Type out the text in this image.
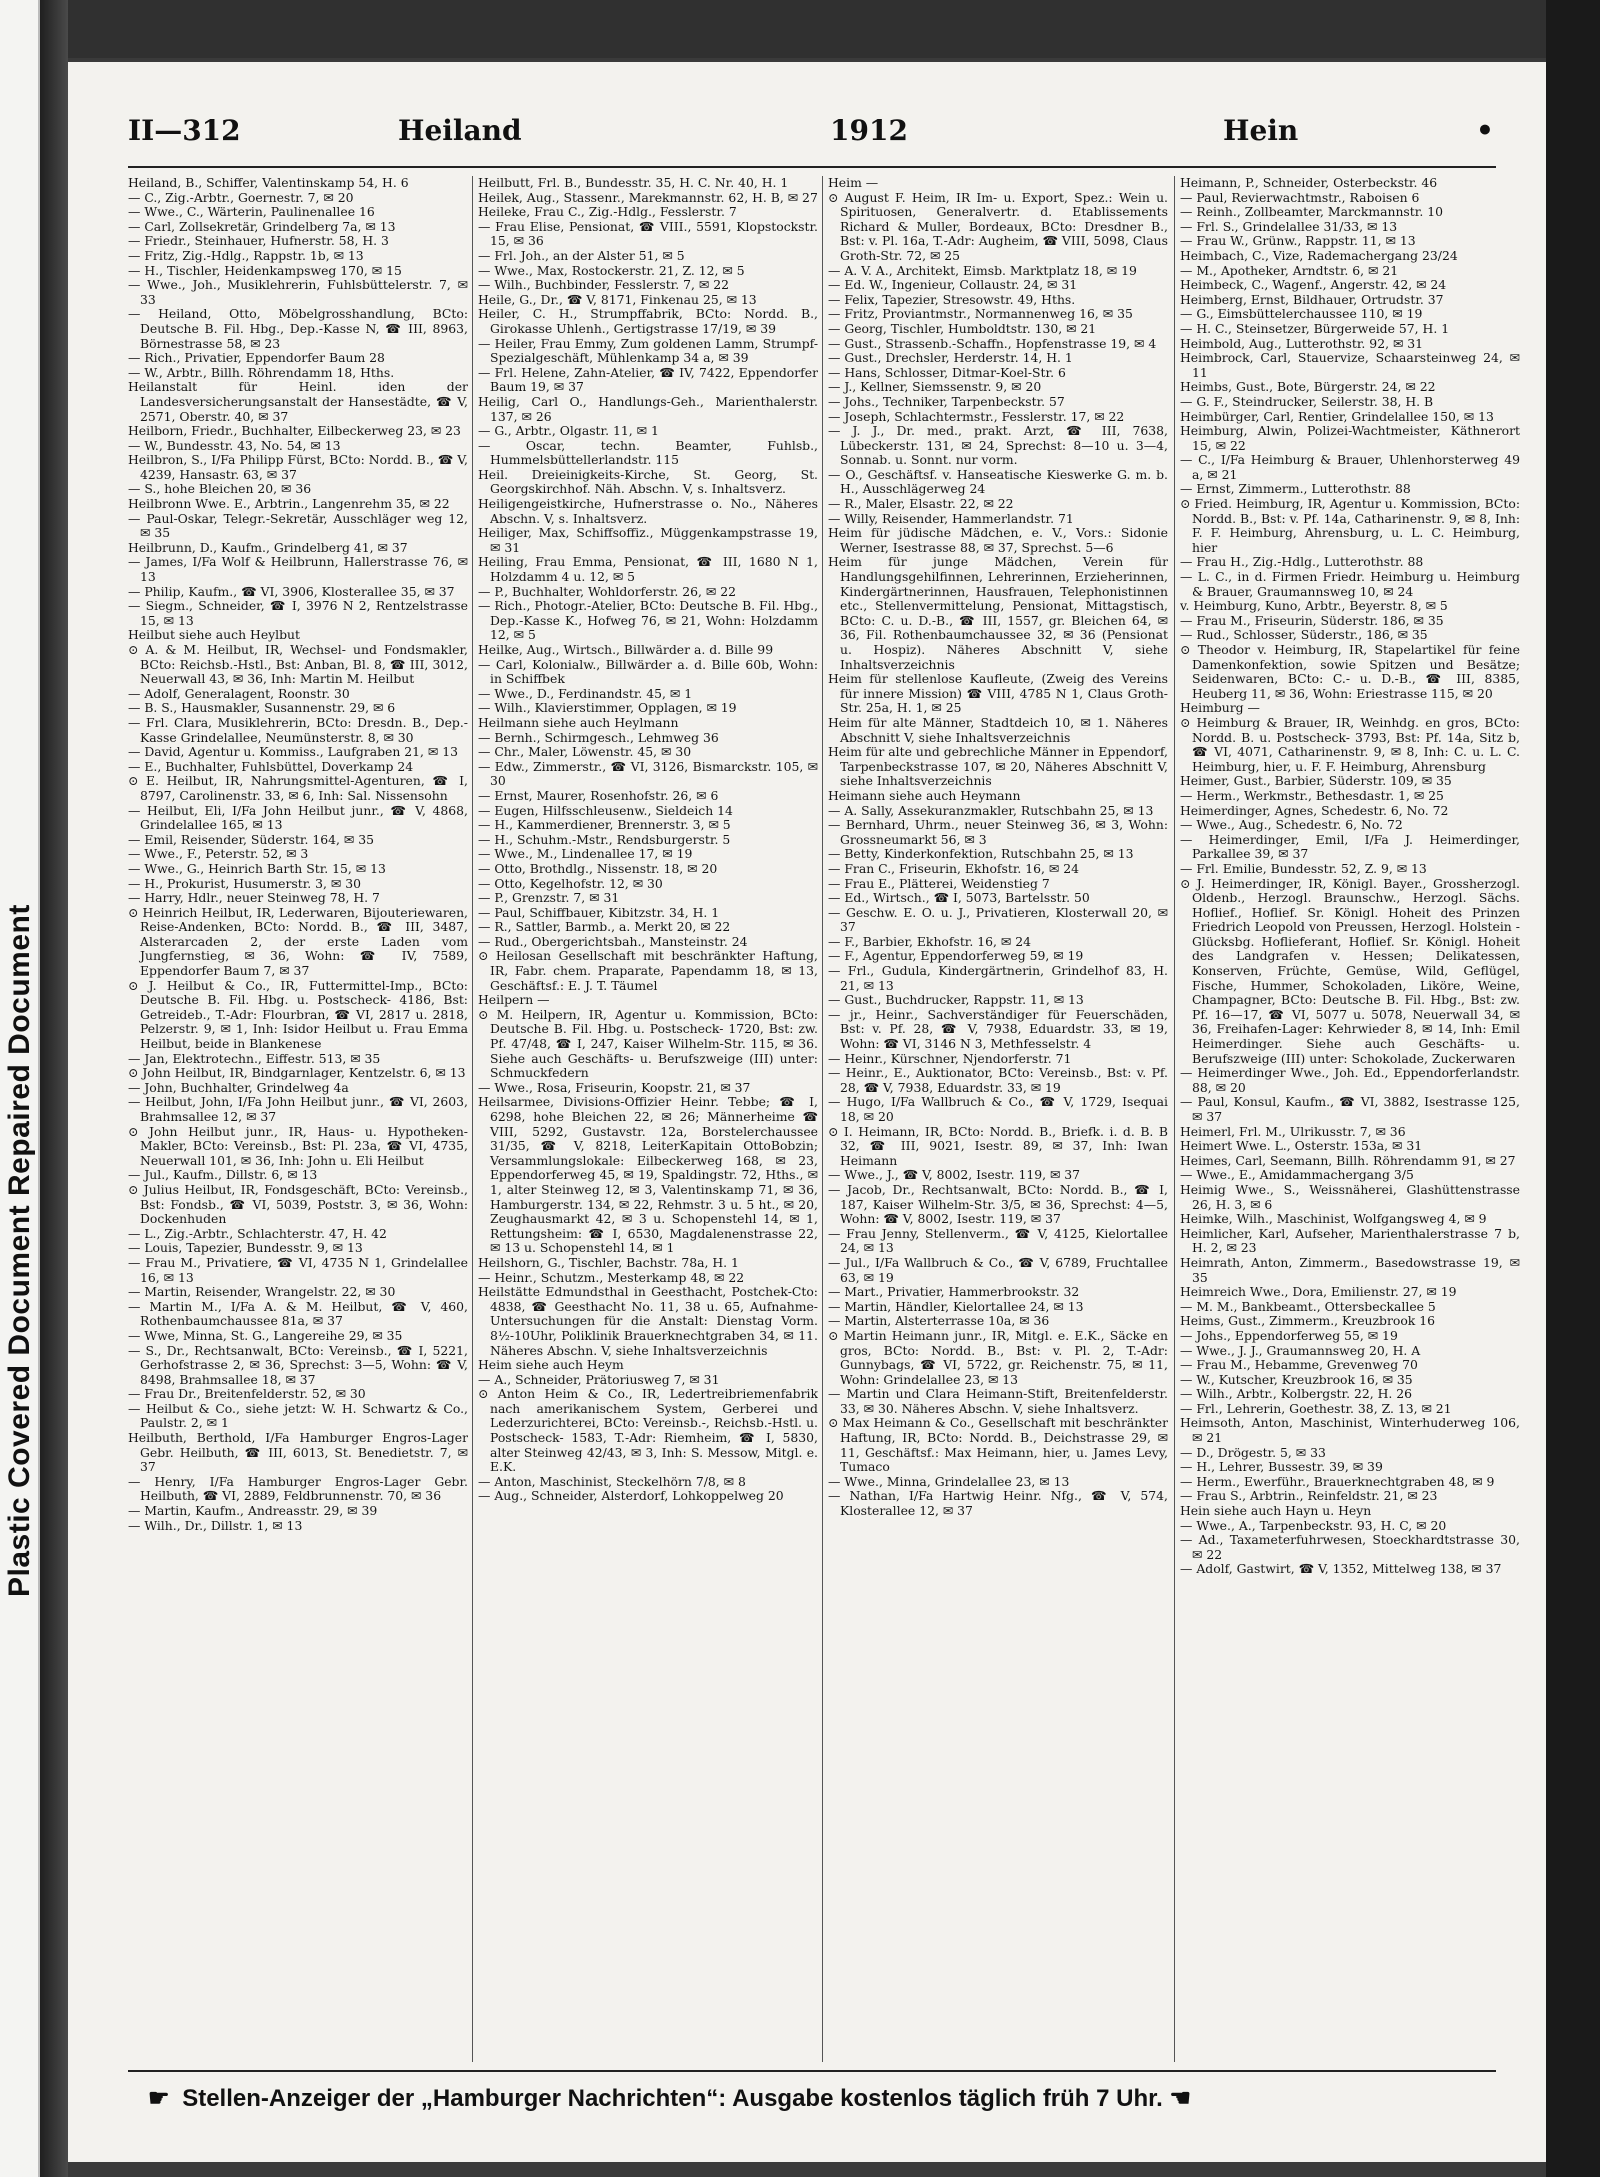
Plastic Covered Document Repaired Document
II—312	Heiland	1912	Hein	•

Heiland, B., Schiffer, Valentinskamp 54, H. 6

— C., Zig.-Arbtr., Goernestr. 7, ✉ 20

— Wwe., C., Wärterin, Paulinenallee 16

— Carl, Zollsekretär, Grindelberg 7a, ✉ 13

— Friedr., Steinhauer, Hufnerstr. 58, H. 3

— Fritz, Zig.-Hdlg., Rappstr. 1b, ✉ 13

— H., Tischler, Heidenkampsweg 170, ✉ 15

— Wwe., Joh., Musiklehrerin, Fuhlsbüttelerstr. 7, ✉ 33

— Heiland, Otto, Möbelgrosshandlung, BCto: Deutsche B. Fil. Hbg., Dep.-Kasse N, ☎ III, 8963, Börnestrasse 58, ✉ 23

— Rich., Privatier, Eppendorfer Baum 28

— W., Arbtr., Billh. Röhrendamm 18, Hths.

Heilanstalt für Heinl. iden der Landesversicherungsanstalt der Hansestädte, ☎ V, 2571, Oberstr. 40, ✉ 37

Heilborn, Friedr., Buchhalter, Eilbeckerweg 23, ✉ 23

— W., Bundesstr. 43, No. 54, ✉ 13

Heilbron, S., I/Fa Philipp Fürst, BCto: Nordd. B., ☎ V, 4239, Hansastr. 63, ✉ 37

— S., hohe Bleichen 20, ✉ 36

Heilbronn Wwe. E., Arbtrin., Langenrehm 35, ✉ 22

— Paul-Oskar, Telegr.-Sekretär, Ausschläger weg 12, ✉ 35

Heilbrunn, D., Kaufm., Grindelberg 41, ✉ 37

— James, I/Fa Wolf & Heilbrunn, Hallerstrasse 76, ✉ 13

— Philip, Kaufm., ☎ VI, 3906, Klosterallee 35, ✉ 37

— Siegm., Schneider, ☎ I, 3976 N 2, Rentzelstrasse 15, ✉ 13

Heilbut siehe auch Heylbut

⊙ A. & M. Heilbut, IR, Wechsel- und Fondsmakler, BCto: Reichsb.-Hstl., Bst: Anban, Bl. 8, ☎ III, 3012, Neuerwall 43, ✉ 36, Inh: Martin M. Heilbut

— Adolf, Generalagent, Roonstr. 30

— B. S., Hausmakler, Susannenstr. 29, ✉ 6

— Frl. Clara, Musiklehrerin, BCto: Dresdn. B., Dep.-Kasse Grindelallee, Neumünsterstr. 8, ✉ 30

— David, Agentur u. Kommiss., Laufgraben 21, ✉ 13

— E., Buchhalter, Fuhlsbüttel, Doverkamp 24

⊙ E. Heilbut, IR, Nahrungsmittel-Agenturen, ☎ I, 8797, Carolinenstr. 33, ✉ 6, Inh: Sal. Nissensohn

— Heilbut, Eli, I/Fa John Heilbut junr., ☎ V, 4868, Grindelallee 165, ✉ 13

— Emil, Reisender, Süderstr. 164, ✉ 35

— Wwe., F., Peterstr. 52, ✉ 3

— Wwe., G., Heinrich Barth Str. 15, ✉ 13

— H., Prokurist, Husumerstr. 3, ✉ 30

— Harry, Hdlr., neuer Steinweg 78, H. 7

⊙ Heinrich Heilbut, IR, Lederwaren, Bijouteriewaren, Reise-Andenken, BCto: Nordd. B., ☎ III, 3487, Alsterarcaden 2, der erste Laden vom Jungfernstieg, ✉ 36, Wohn: ☎ IV, 7589, Eppendorfer Baum 7, ✉ 37

⊙ J. Heilbut & Co., IR, Futtermittel-Imp., BCto: Deutsche B. Fil. Hbg. u. Postscheck- 4186, Bst: Getreideb., T.-Adr: Flourbran, ☎ VI, 2817 u. 2818, Pelzerstr. 9, ✉ 1, Inh: Isidor Heilbut u. Frau Emma Heilbut, beide in Blankenese

— Jan, Elektrotechn., Eiffestr. 513, ✉ 35

⊙ John Heilbut, IR, Bindgarnlager, Kentzelstr. 6, ✉ 13

— John, Buchhalter, Grindelweg 4a

— Heilbut, John, I/Fa John Heilbut junr., ☎ VI, 2603, Brahmsallee 12, ✉ 37

⊙ John Heilbut junr., IR, Haus- u. Hypotheken-Makler, BCto: Vereinsb., Bst: Pl. 23a, ☎ VI, 4735, Neuerwall 101, ✉ 36, Inh: John u. Eli Heilbut

— Jul., Kaufm., Dillstr. 6, ✉ 13

⊙ Julius Heilbut, IR, Fondsgeschäft, BCto: Vereinsb., Bst: Fondsb., ☎ VI, 5039, Poststr. 3, ✉ 36, Wohn: Dockenhuden

— L., Zig.-Arbtr., Schlachterstr. 47, H. 42

— Louis, Tapezier, Bundesstr. 9, ✉ 13

— Frau M., Privatiere, ☎ VI, 4735 N 1, Grindelallee 16, ✉ 13

— Martin, Reisender, Wrangelstr. 22, ✉ 30

— Martin M., I/Fa A. & M. Heilbut, ☎ V, 460, Rothenbaumchaussee 81a, ✉ 37

— Wwe, Minna, St. G., Langereihe 29, ✉ 35

— S., Dr., Rechtsanwalt, BCto: Vereinsb., ☎ I, 5221, Gerhofstrasse 2, ✉ 36, Sprechst: 3—5, Wohn: ☎ V, 8498, Brahmsallee 18, ✉ 37

— Frau Dr., Breitenfelderstr. 52, ✉ 30

— Heilbut & Co., siehe jetzt: W. H. Schwartz & Co., Paulstr. 2, ✉ 1

Heilbuth, Berthold, I/Fa Hamburger Engros-Lager Gebr. Heilbuth, ☎ III, 6013, St. Benedietstr. 7, ✉ 37

— Henry, I/Fa Hamburger Engros-Lager Gebr. Heilbuth, ☎ VI, 2889, Feldbrunnenstr. 70, ✉ 36

— Martin, Kaufm., Andreasstr. 29, ✉ 39

— Wilh., Dr., Dillstr. 1, ✉ 13

Heilbutt, Frl. B., Bundesstr. 35, H. C. Nr. 40, H. 1

Heilek, Aug., Stassenr., Marekmannstr. 62, H. B, ✉ 27

Heileke, Frau C., Zig.-Hdlg., Fesslerstr. 7

— Frau Elise, Pensionat, ☎ VIII., 5591, Klopstockstr. 15, ✉ 36

— Frl. Joh., an der Alster 51, ✉ 5

— Wwe., Max, Rostockerstr. 21, Z. 12, ✉ 5

— Wilh., Buchbinder, Fesslerstr. 7, ✉ 22

Heile, G., Dr., ☎ V, 8171, Finkenau 25, ✉ 13

Heiler, C. H., Strumpffabrik, BCto: Nordd. B., Girokasse Uhlenh., Gertigstrasse 17/19, ✉ 39

— Heiler, Frau Emmy, Zum goldenen Lamm, Strumpf-Spezialgeschäft, Mühlenkamp 34 a, ✉ 39

— Frl. Helene, Zahn-Atelier, ☎ IV, 7422, Eppendorfer Baum 19, ✉ 37

Heilig, Carl O., Handlungs-Geh., Marienthalerstr. 137, ✉ 26

— G., Arbtr., Olgastr. 11, ✉ 1

— Oscar, techn. Beamter, Fuhlsb., Hummelsbüttellerlandstr. 115

Heil. Dreieinigkeits-Kirche, St. Georg, St. Georgskirchhof. Näh. Abschn. V, s. Inhaltsverz.

Heiligengeistkirche, Hufnerstrasse o. No., Näheres Abschn. V, s. Inhaltsverz.

Heiliger, Max, Schiffsoffiz., Müggenkampstrasse 19, ✉ 31

Heiling, Frau Emma, Pensionat, ☎ III, 1680 N 1, Holzdamm 4 u. 12, ✉ 5

— P., Buchhalter, Wohldorferstr. 26, ✉ 22

— Rich., Photogr.-Atelier, BCto: Deutsche B. Fil. Hbg., Dep.-Kasse K., Hofweg 76, ✉ 21, Wohn: Holzdamm 12, ✉ 5

Heilke, Aug., Wirtsch., Billwärder a. d. Bille 99

— Carl, Kolonialw., Billwärder a. d. Bille 60b, Wohn: in Schiffbek

— Wwe., D., Ferdinandstr. 45, ✉ 1

— Wilh., Klavierstimmer, Opplagen, ✉ 19

Heilmann siehe auch Heylmann

— Bernh., Schirmgesch., Lehmweg 36

— Chr., Maler, Löwenstr. 45, ✉ 30

— Edw., Zimmerstr., ☎ VI, 3126, Bismarckstr. 105, ✉ 30

— Ernst, Maurer, Rosenhofstr. 26, ✉ 6

— Eugen, Hilfsschleusenw., Sieldeich 14

— H., Kammerdiener, Brennerstr. 3, ✉ 5

— H., Schuhm.-Mstr., Rendsburgerstr. 5

— Wwe., M., Lindenallee 17, ✉ 19

— Otto, Brothdlg., Nissenstr. 18, ✉ 20

— Otto, Kegelhofstr. 12, ✉ 30

— P., Grenzstr. 7, ✉ 31

— Paul, Schiffbauer, Kibitzstr. 34, H. 1

— R., Sattler, Barmb., a. Merkt 20, ✉ 22

— Rud., Obergerichtsbah., Mansteinstr. 24

⊙ Heilosan Gesellschaft mit beschränkter Haftung, IR, Fabr. chem. Praparate, Papendamm 18, ✉ 13, Geschäftsf.: E. J. T. Täumel

Heilpern —

⊙ M. Heilpern, IR, Agentur u. Kommission, BCto: Deutsche B. Fil. Hbg. u. Postscheck- 1720, Bst: zw. Pf. 47/48, ☎ I, 247, Kaiser Wilhelm-Str. 115, ✉ 36. Siehe auch Geschäfts- u. Berufszweige (III) unter: Schmuckfedern

— Wwe., Rosa, Friseurin, Koopstr. 21, ✉ 37

Heilsarmee, Divisions-Offizier Heinr. Tebbe; ☎ I, 6298, hohe Bleichen 22, ✉ 26; Männerheime ☎ VIII, 5292, Gustavstr. 12a, Borstelerchaussee 31/35, ☎ V, 8218, LeiterKapitain OttoBobzin; Versammlungslokale: Eilbeckerweg 168, ✉ 23, Eppendorferweg 45, ✉ 19, Spaldingstr. 72, Hths., ✉ 1, alter Steinweg 12, ✉ 3, Valentinskamp 71, ✉ 36, Hamburgerstr. 134, ✉ 22, Rehmstr. 3 u. 5 ht., ✉ 20, Zeughausmarkt 42, ✉ 3 u. Schopenstehl 14, ✉ 1, Rettungsheim: ☎ I, 6530, Magdalenenstrasse 22, ✉ 13 u. Schopenstehl 14, ✉ 1

Heilshorn, G., Tischler, Bachstr. 78a, H. 1

— Heinr., Schutzm., Mesterkamp 48, ✉ 22

Heilstätte Edmundsthal in Geesthacht, Postchek-Cto: 4838, ☎ Geesthacht No. 11, 38 u. 65, Aufnahme-Untersuchungen für die Anstalt: Dienstag Vorm. 8½-10Uhr, Poliklinik Brauerknechtgraben 34, ✉ 11. Näheres Abschn. V, siehe Inhaltsverzeichnis

Heim siehe auch Heym

— A., Schneider, Prätoriusweg 7, ✉ 31

⊙ Anton Heim & Co., IR, Ledertreibriemenfabrik nach amerikanischem System, Gerberei und Lederzurichterei, BCto: Vereinsb.-, Reichsb.-Hstl. u. Postscheck- 1583, T.-Adr: Riemheim, ☎ I, 5830, alter Steinweg 42/43, ✉ 3, Inh: S. Messow, Mitgl. e. E.K.

— Anton, Maschinist, Steckelhörn 7/8, ✉ 8

— Aug., Schneider, Alsterdorf, Lohkoppelweg 20

Heim —

⊙ August F. Heim, IR Im- u. Export, Spez.: Wein u. Spirituosen, Generalvertr. d. Etablissements Richard & Muller, Bordeaux, BCto: Dresdner B., Bst: v. Pl. 16a, T.-Adr: Augheim, ☎ VIII, 5098, Claus Groth-Str. 72, ✉ 25

— A. V. A., Architekt, Eimsb. Marktplatz 18, ✉ 19

— Ed. W., Ingenieur, Collaustr. 24, ✉ 31

— Felix, Tapezier, Stresowstr. 49, Hths.

— Fritz, Proviantmstr., Normannenweg 16, ✉ 35

— Georg, Tischler, Humboldtstr. 130, ✉ 21

— Gust., Strassenb.-Schaffn., Hopfenstrasse 19, ✉ 4

— Gust., Drechsler, Herderstr. 14, H. 1

— Hans, Schlosser, Ditmar-Koel-Str. 6

— J., Kellner, Siemssenstr. 9, ✉ 20

— Johs., Techniker, Tarpenbeckstr. 57

— Joseph, Schlachtermstr., Fesslerstr. 17, ✉ 22

— J. J., Dr. med., prakt. Arzt, ☎ III, 7638, Lübeckerstr. 131, ✉ 24, Sprechst: 8—10 u. 3—4, Sonnab. u. Sonnt. nur vorm.

— O., Geschäftsf. v. Hanseatische Kieswerke G. m. b. H., Ausschlägerweg 24

— R., Maler, Elsastr. 22, ✉ 22

— Willy, Reisender, Hammerlandstr. 71

Heim für jüdische Mädchen, e. V., Vors.: Sidonie Werner, Isestrasse 88, ✉ 37, Sprechst. 5—6

Heim für junge Mädchen, Verein für Handlungsgehilfinnen, Lehrerinnen, Erzieherinnen, Kindergärtnerinnen, Hausfrauen, Telephonistinnen etc., Stellenvermittelung, Pensionat, Mittagstisch, BCto: C. u. D.-B., ☎ III, 1557, gr. Bleichen 64, ✉ 36, Fil. Rothenbaumchaussee 32, ✉ 36 (Pensionat u. Hospiz). Näheres Abschnitt V, siehe Inhaltsverzeichnis

Heim für stellenlose Kaufleute, (Zweig des Vereins für innere Mission) ☎ VIII, 4785 N 1, Claus Groth-Str. 25a, H. 1, ✉ 25

Heim für alte Männer, Stadtdeich 10, ✉ 1. Näheres Abschnitt V, siehe Inhaltsverzeichnis

Heim für alte und gebrechliche Männer in Eppendorf, Tarpenbeckstrasse 107, ✉ 20, Näheres Abschnitt V, siehe Inhaltsverzeichnis

Heimann siehe auch Heymann

— A. Sally, Assekuranzmakler, Rutschbahn 25, ✉ 13

— Bernhard, Uhrm., neuer Steinweg 36, ✉ 3, Wohn: Grossneumarkt 56, ✉ 3

— Betty, Kinderkonfektion, Rutschbahn 25, ✉ 13

— Fran C., Friseurin, Ekhofstr. 16, ✉ 24

— Frau E., Plätterei, Weidenstieg 7

— Ed., Wirtsch., ☎ I, 5073, Bartelsstr. 50

— Geschw. E. O. u. J., Privatieren, Klosterwall 20, ✉ 37

— F., Barbier, Ekhofstr. 16, ✉ 24

— F., Agentur, Eppendorferweg 59, ✉ 19

— Frl., Gudula, Kindergärtnerin, Grindelhof 83, H. 21, ✉ 13

— Gust., Buchdrucker, Rappstr. 11, ✉ 13

— jr., Heinr., Sachverständiger für Feuerschäden, Bst: v. Pf. 28, ☎ V, 7938, Eduardstr. 33, ✉ 19, Wohn: ☎ VI, 3146 N 3, Methfesselstr. 4

— Heinr., Kürschner, Njendorferstr. 71

— Heinr., E., Auktionator, BCto: Vereinsb., Bst: v. Pf. 28, ☎ V, 7938, Eduardstr. 33, ✉ 19

— Hugo, I/Fa Wallbruch & Co., ☎ V, 1729, Isequai 18, ✉ 20

⊙ I. Heimann, IR, BCto: Nordd. B., Briefk. i. d. B. B 32, ☎ III, 9021, Isestr. 89, ✉ 37, Inh: Iwan Heimann

— Wwe., J., ☎ V, 8002, Isestr. 119, ✉ 37

— Jacob, Dr., Rechtsanwalt, BCto: Nordd. B., ☎ I, 187, Kaiser Wilhelm-Str. 3/5, ✉ 36, Sprechst: 4—5, Wohn: ☎ V, 8002, Isestr. 119, ✉ 37

— Frau Jenny, Stellenverm., ☎ V, 4125, Kielortallee 24, ✉ 13

— Jul., I/Fa Wallbruch & Co., ☎ V, 6789, Fruchtallee 63, ✉ 19

— Mart., Privatier, Hammerbrookstr. 32

— Martin, Händler, Kielortallee 24, ✉ 13

— Martin, Alsterterrasse 10a, ✉ 36

⊙ Martin Heimann junr., IR, Mitgl. e. E.K., Säcke en gros, BCto: Nordd. B., Bst: v. Pl. 2, T.-Adr: Gunnybags, ☎ VI, 5722, gr. Reichenstr. 75, ✉ 11, Wohn: Grindelallee 23, ✉ 13

— Martin und Clara Heimann-Stift, Breitenfelderstr. 33, ✉ 30. Näheres Abschn. V, siehe Inhaltsverz.

⊙ Max Heimann & Co., Gesellschaft mit beschränkter Haftung, IR, BCto: Nordd. B., Deichstrasse 29, ✉ 11, Geschäftsf.: Max Heimann, hier, u. James Levy, Tumaco

— Wwe., Minna, Grindelallee 23, ✉ 13

— Nathan, I/Fa Hartwig Heinr. Nfg., ☎ V, 574, Klosterallee 12, ✉ 37

Heimann, P., Schneider, Osterbeckstr. 46

— Paul, Revierwachtmstr., Raboisen 6

— Reinh., Zollbeamter, Marckmannstr. 10

— Frl. S., Grindelallee 31/33, ✉ 13

— Frau W., Grünw., Rappstr. 11, ✉ 13

Heimbach, C., Vize, Rademachergang 23/24

— M., Apotheker, Arndtstr. 6, ✉ 21

Heimbeck, C., Wagenf., Angerstr. 42, ✉ 24

Heimberg, Ernst, Bildhauer, Ortrudstr. 37

— G., Eimsbüttelerchaussee 110, ✉ 19

— H. C., Steinsetzer, Bürgerweide 57, H. 1

Heimbold, Aug., Lutterothstr. 92, ✉ 31

Heimbrock, Carl, Stauervize, Schaarsteinweg 24, ✉ 11

Heimbs, Gust., Bote, Bürgerstr. 24, ✉ 22

— G. F., Steindrucker, Seilerstr. 38, H. B

Heimbürger, Carl, Rentier, Grindelallee 150, ✉ 13

Heimburg, Alwin, Polizei-Wachtmeister, Käthnerort 15, ✉ 22

— C., I/Fa Heimburg & Brauer, Uhlenhorsterweg 49 a, ✉ 21

— Ernst, Zimmerm., Lutterothstr. 88

⊙ Fried. Heimburg, IR, Agentur u. Kommission, BCto: Nordd. B., Bst: v. Pf. 14a, Catharinenstr. 9, ✉ 8, Inh: F. F. Heimburg, Ahrensburg, u. L. C. Heimburg, hier

— Frau H., Zig.-Hdlg., Lutterothstr. 88

— L. C., in d. Firmen Friedr. Heimburg u. Heimburg & Brauer, Graumannsweg 10, ✉ 24

v. Heimburg, Kuno, Arbtr., Beyerstr. 8, ✉ 5

— Frau M., Friseurin, Süderstr. 186, ✉ 35

— Rud., Schlosser, Süderstr., 186, ✉ 35

⊙ Theodor v. Heimburg, IR, Stapelartikel für feine Damenkonfektion, sowie Spitzen und Besätze; Seidenwaren, BCto: C.- u. D.-B., ☎ III, 8385, Heuberg 11, ✉ 36, Wohn: Eriestrasse 115, ✉ 20

Heimburg —

⊙ Heimburg & Brauer, IR, Weinhdg. en gros, BCto: Nordd. B. u. Postscheck- 3793, Bst: Pf. 14a, Sitz b, ☎ VI, 4071, Catharinenstr. 9, ✉ 8, Inh: C. u. L. C. Heimburg, hier, u. F. F. Heimburg, Ahrensburg

Heimer, Gust., Barbier, Süderstr. 109, ✉ 35

— Herm., Werkmstr., Bethesdastr. 1, ✉ 25

Heimerdinger, Agnes, Schedestr. 6, No. 72

— Wwe., Aug., Schedestr. 6, No. 72

— Heimerdinger, Emil, I/Fa J. Heimerdinger, Parkallee 39, ✉ 37

— Frl. Emilie, Bundesstr. 52, Z. 9, ✉ 13

⊙ J. Heimerdinger, IR, Königl. Bayer., Grossherzogl. Oldenb., Herzogl. Braunschw., Herzogl. Sächs. Hoflief., Hoflief. Sr. Königl. Hoheit des Prinzen Friedrich Leopold von Preussen, Herzogl. Holstein - Glücksbg. Hoflieferant, Hoflief. Sr. Königl. Hoheit des Landgrafen v. Hessen; Delikatessen, Konserven, Früchte, Gemüse, Wild, Geflügel, Fische, Hummer, Schokoladen, Liköre, Weine, Champagner, BCto: Deutsche B. Fil. Hbg., Bst: zw. Pf. 16—17, ☎ VI, 5077 u. 5078, Neuerwall 34, ✉ 36, Freihafen-Lager: Kehrwieder 8, ✉ 14, Inh: Emil Heimerdinger. Siehe auch Geschäfts- u. Berufszweige (III) unter: Schokolade, Zuckerwaren

— Heimerdinger Wwe., Joh. Ed., Eppendorferlandstr. 88, ✉ 20

— Paul, Konsul, Kaufm., ☎ VI, 3882, Isestrasse 125, ✉ 37

Heimerl, Frl. M., Ulrikusstr. 7, ✉ 36

Heimert Wwe. L., Osterstr. 153a, ✉ 31

Heimes, Carl, Seemann, Billh. Röhrendamm 91, ✉ 27

— Wwe., E., Amidammachergang 3/5

Heimig Wwe., S., Weissnäherei, Glashüttenstrasse 26, H. 3, ✉ 6

Heimke, Wilh., Maschinist, Wolfgangsweg 4, ✉ 9

Heimlicher, Karl, Aufseher, Marienthalerstrasse 7 b, H. 2, ✉ 23

Heimrath, Anton, Zimmerm., Basedowstrasse 19, ✉ 35

Heimreich Wwe., Dora, Emilienstr. 27, ✉ 19

— M. M., Bankbeamt., Ottersbeckallee 5

Heims, Gust., Zimmerm., Kreuzbrook 16

— Johs., Eppendorferweg 55, ✉ 19

— Wwe., J. J., Graumannsweg 20, H. A

— Frau M., Hebamme, Grevenweg 70

— W., Kutscher, Kreuzbrook 16, ✉ 35

— Wilh., Arbtr., Kolbergstr. 22, H. 26

— Frl., Lehrerin, Goethestr. 38, Z. 13, ✉ 21

Heimsoth, Anton, Maschinist, Winterhuderweg 106, ✉ 21

— D., Drögestr. 5, ✉ 33

— H., Lehrer, Bussestr. 39, ✉ 39

— Herm., Ewerführ., Brauerknechtgraben 48, ✉ 9

— Frau S., Arbtrin., Reinfeldstr. 21, ✉ 23

Hein siehe auch Hayn u. Heyn

— Wwe., A., Tarpenbeckstr. 93, H. C, ✉ 20

— Ad., Taxameterfuhrwesen, Stoeckhardtstrasse 30, ✉ 22

— Adolf, Gastwirt, ☎ V, 1352, Mittelweg 138, ✉ 37

☛ Stellen-Anzeiger der „Hamburger Nachrichten“: Ausgabe kostenlos täglich früh 7 Uhr. ☚
